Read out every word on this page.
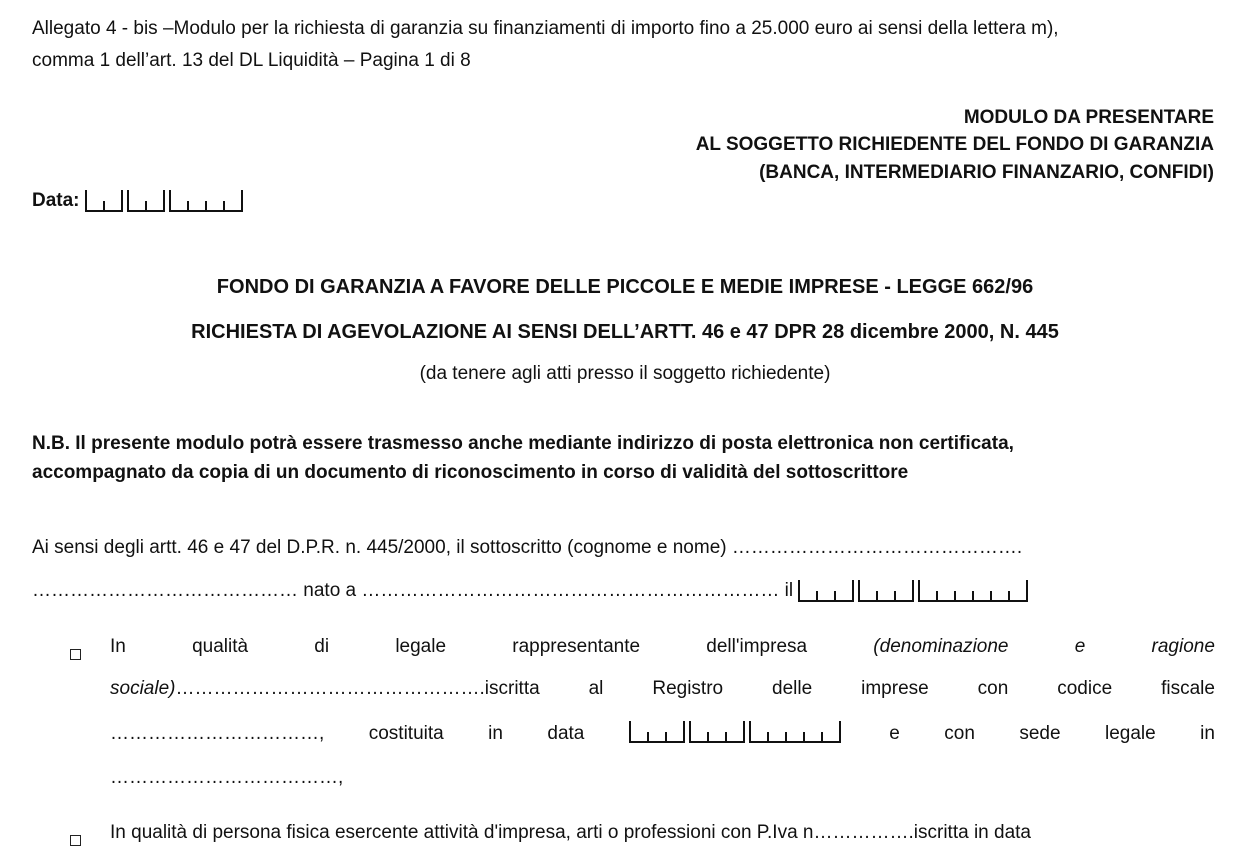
Allegato 4 - bis –Modulo per la richiesta di garanzia su finanziamenti di importo fino a 25.000 euro ai sensi della lettera m),
comma 1 dell’art. 13 del DL Liquidità – Pagina 1 di 8
MODULO DA PRESENTARE
AL SOGGETTO RICHIEDENTE DEL FONDO DI GARANZIA
(BANCA, INTERMEDIARIO FINANZARIO, CONFIDI)
Data:
FONDO DI GARANZIA A FAVORE DELLE PICCOLE E MEDIE IMPRESE - LEGGE 662/96
RICHIESTA DI AGEVOLAZIONE AI SENSI DELL’ARTT. 46 e 47 DPR 28 dicembre 2000, N. 445
(da tenere agli atti presso il soggetto richiedente)
N.B. Il presente modulo potrà essere trasmesso anche mediante indirizzo di posta elettronica non certificata,
accompagnato da copia di un documento di riconoscimento in corso di validità del sottoscrittore
Ai sensi degli artt. 46 e 47 del D.P.R. n. 445/2000, il sottoscritto (cognome e nome) ……………………………………….
…………………………………… nato a ………………………………………………………… il
In	qualità	di	legale	rappresentante	dell'impresa	(denominazione	e	ragione
sociale)………………………………………….iscritta	al	Registro	delle	imprese	con	codice	fiscale
……………………………, costituita in data	e con sede legale in
………………………………,
In qualità di persona fisica esercente attività d'impresa, arti o professioni con P.Iva n…………….iscritta in data
